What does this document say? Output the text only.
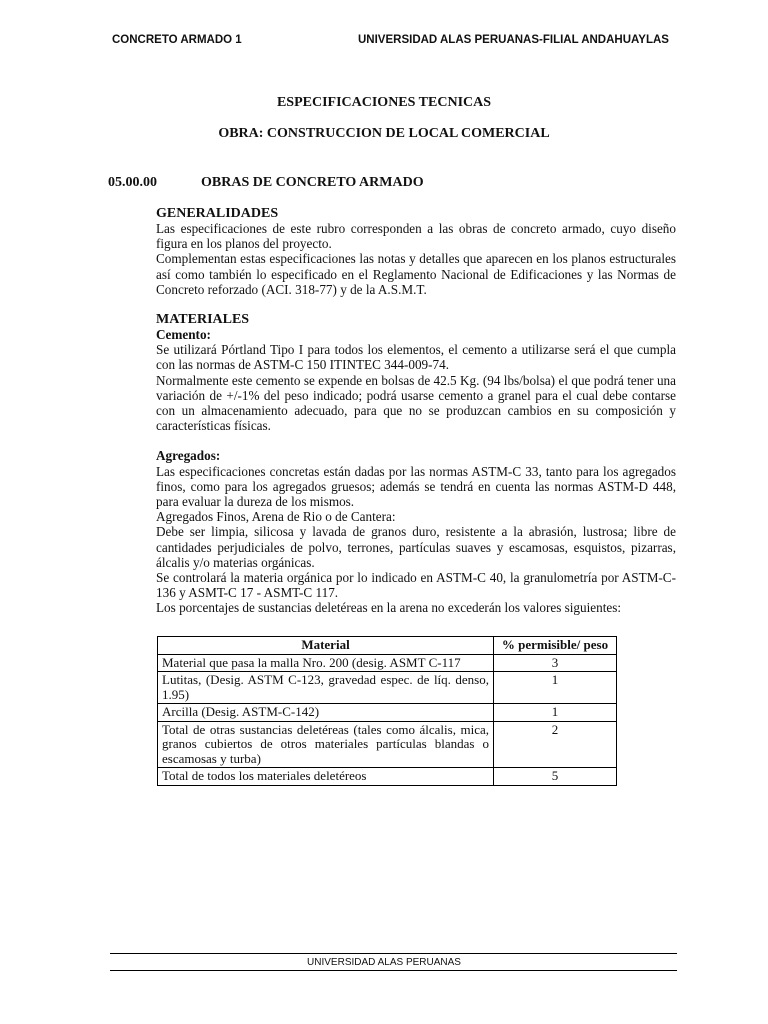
CONCRETO ARMADO 1	UNIVERSIDAD ALAS PERUANAS-FILIAL ANDAHUAYLAS
ESPECIFICACIONES TECNICAS
OBRA: CONSTRUCCION DE LOCAL COMERCIAL
05.00.00	OBRAS DE CONCRETO ARMADO

GENERALIDADES

Las especificaciones de este rubro corresponden a las obras de concreto armado, cuyo diseño figura en los planos del proyecto.

Complementan estas especificaciones las notas y detalles que aparecen en los planos estructurales así como también lo especificado en el Reglamento Nacional de Edificaciones y las Normas de Concreto reforzado (ACI. 318-77) y de la A.S.M.T.

MATERIALES

Cemento:

Se utilizará Pórtland Tipo I para todos los elementos, el cemento a utilizarse será el que cumpla con las normas de ASTM-C 150 ITINTEC 344-009-74.

Normalmente este cemento se expende en bolsas de 42.5 Kg. (94 lbs/bolsa) el que podrá tener una variación de +/-1% del peso indicado; podrá usarse cemento a granel para el cual debe contarse con un almacenamiento adecuado, para que no se produzcan cambios en su composición y características físicas.

Agregados:

Las especificaciones concretas están dadas por las normas ASTM-C 33, tanto para los agregados finos, como para los agregados gruesos; además se tendrá en cuenta las normas ASTM-D 448, para evaluar la dureza de los mismos.

Agregados Finos, Arena de Rio o de Cantera:

Debe ser limpia, silicosa y lavada de granos duro, resistente a la abrasión, lustrosa; libre de cantidades perjudiciales de polvo, terrones, partículas suaves y escamosas, esquistos, pizarras, álcalis y/o materias orgánicas.

Se controlará la materia orgánica por lo indicado en ASTM-C 40, la granulometría por ASTM-C-136 y ASMT-C 17 - ASMT-C 117.

Los porcentajes de sustancias deletéreas en la arena no excederán los valores siguientes:

Material	% permisible/ peso
Material que pasa la malla Nro. 200 (desig. ASMT C-117	3
Lutitas, (Desig. ASTM C-123, gravedad espec. de líq. denso, 1.95)	1
Arcilla (Desig. ASTM-C-142)	1
Total de otras sustancias deletéreas (tales como álcalis, mica, granos cubiertos de otros materiales partículas blandas o escamosas y turba)	2
Total de todos los materiales deletéreos	5
UNIVERSIDAD ALAS PERUANAS
